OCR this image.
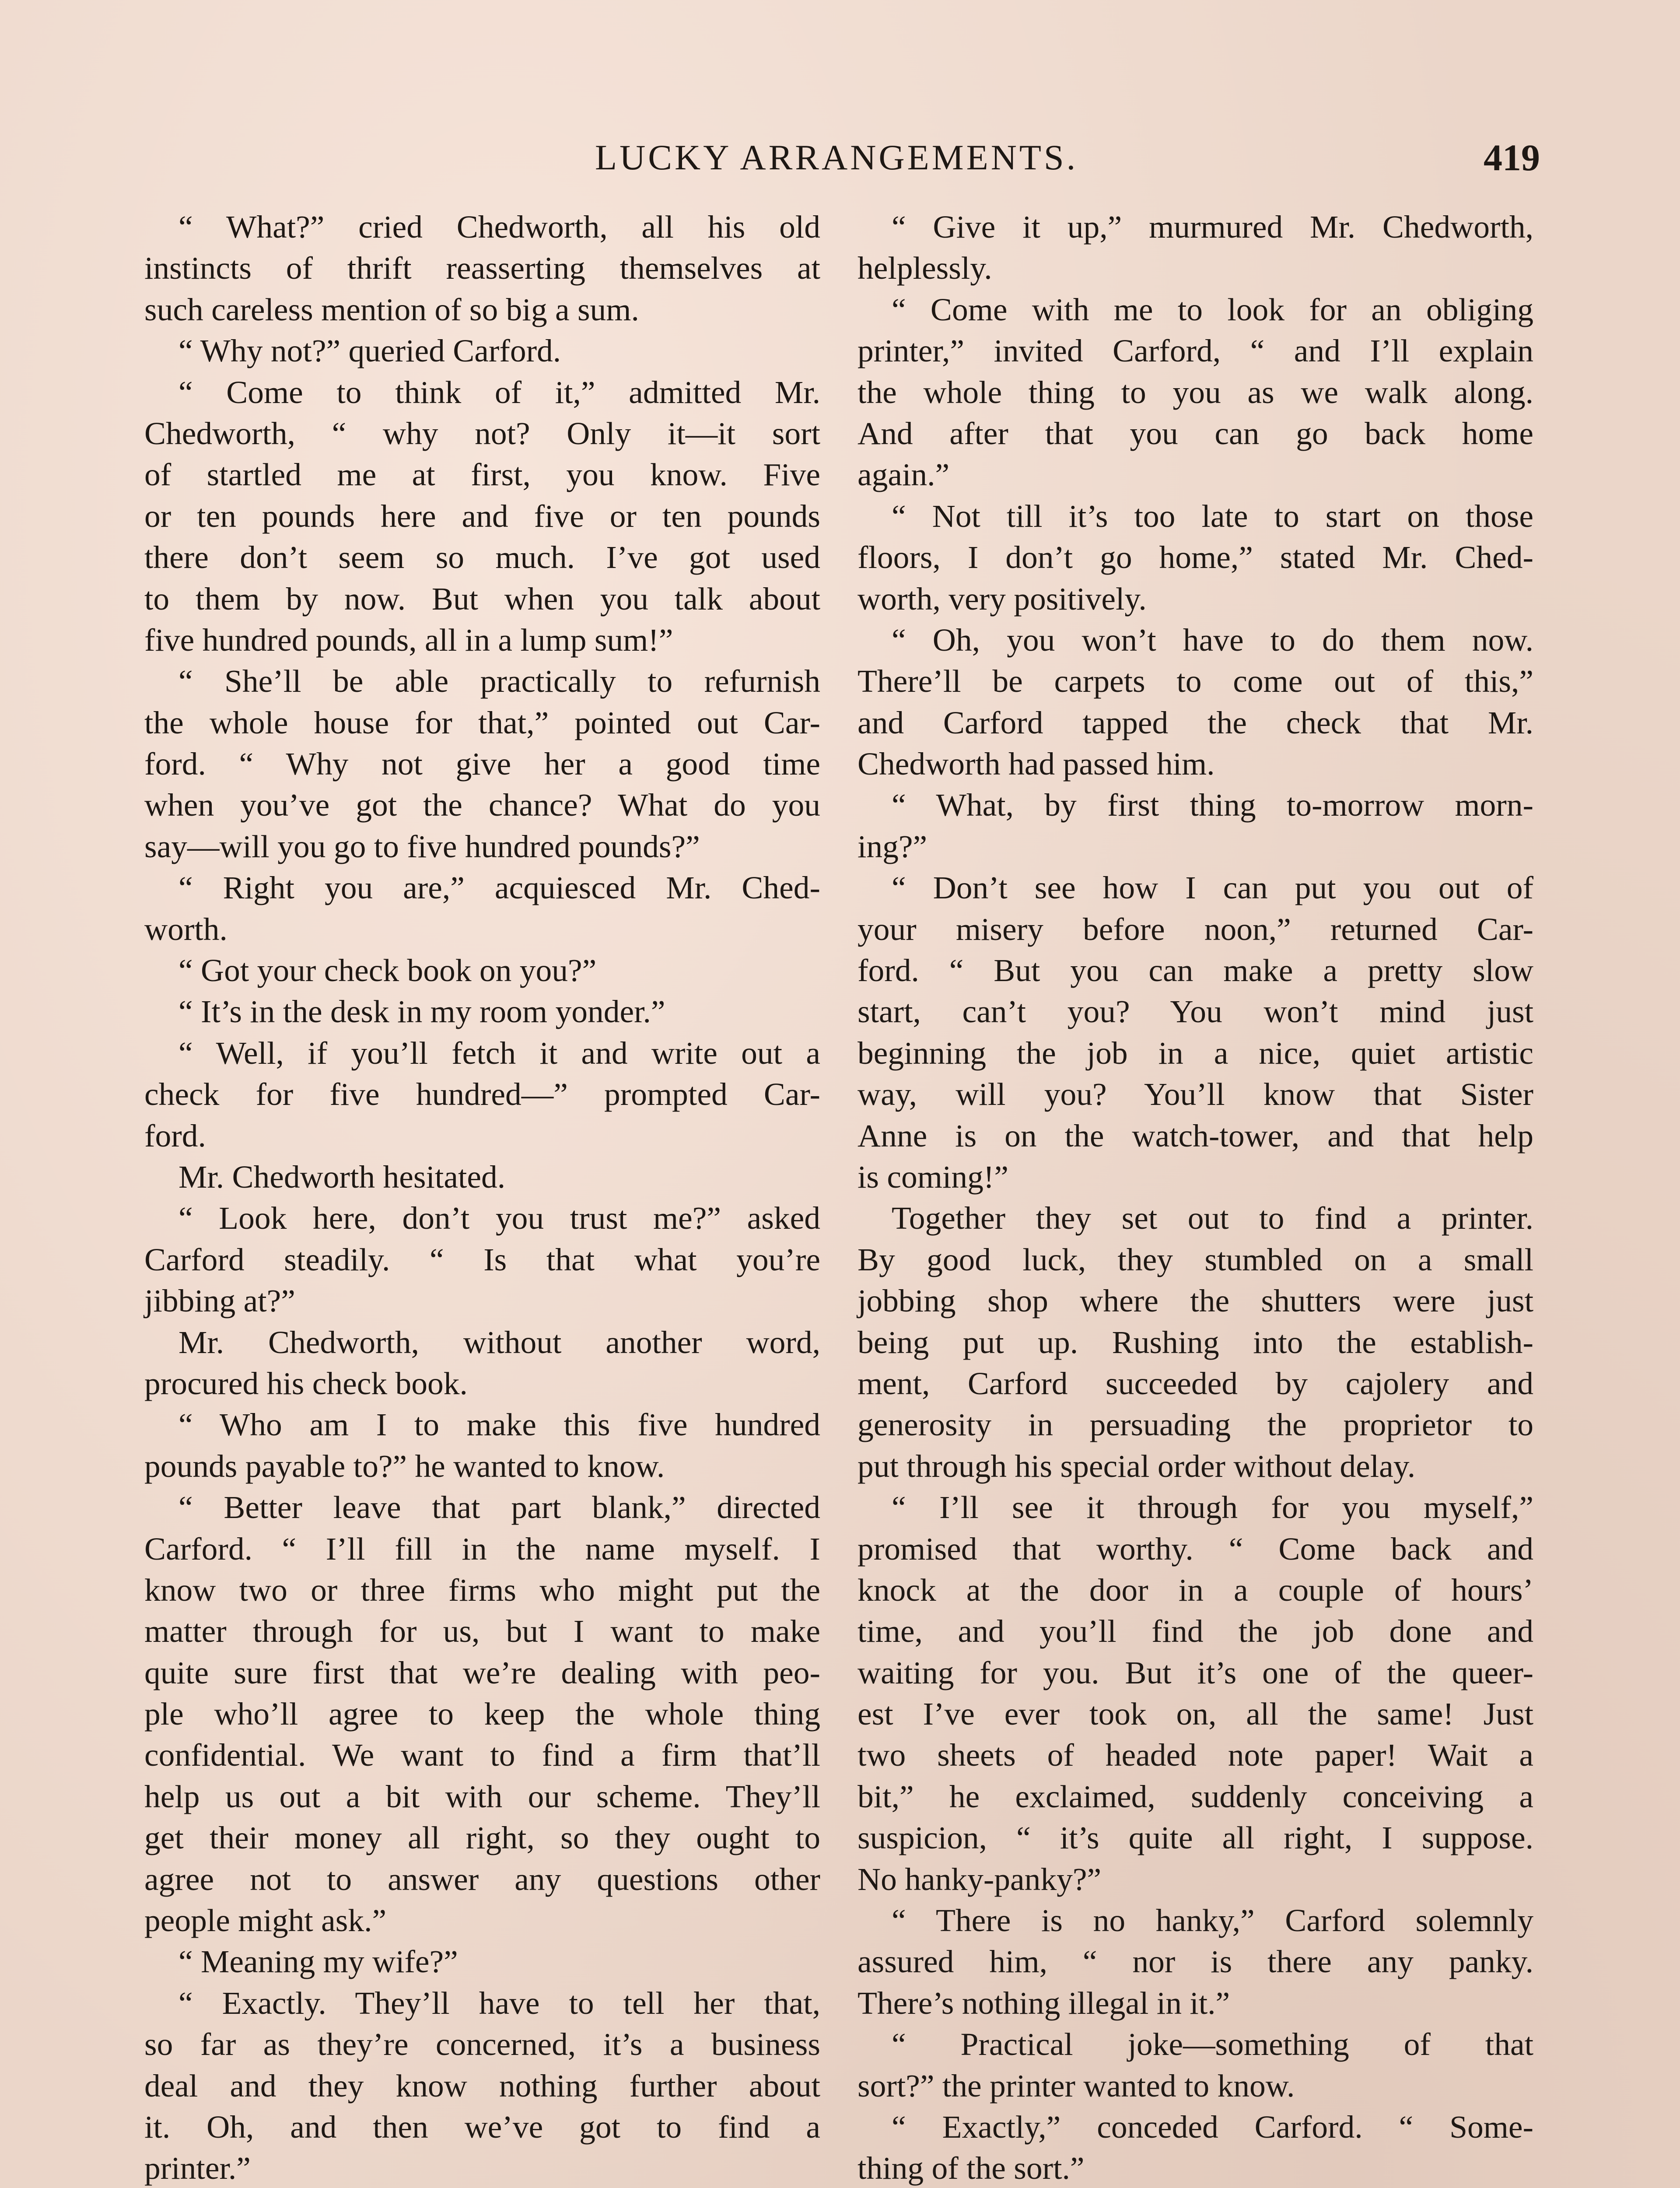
LUCKY ARRANGEMENTS.	419
“ What?” cried Chedworth, all his old
instincts of thrift reasserting themselves at
such careless mention of so big a sum.
“ Why not?” queried Carford.
“ Come to think of it,” admitted Mr.
Chedworth, “ why not? Only it—it sort
of startled me at first, you know. Five
or ten pounds here and five or ten pounds
there don’t seem so much. I’ve got used
to them by now. But when you talk about
five hundred pounds, all in a lump sum!”
“ She’ll be able practically to refurnish
the whole house for that,” pointed out Car-
ford. “ Why not give her a good time
when you’ve got the chance? What do you
say—will you go to five hundred pounds?”
“ Right you are,” acquiesced Mr. Ched-
worth.
“ Got your check book on you?”
“ It’s in the desk in my room yonder.”
“ Well, if you’ll fetch it and write out a
check for five hundred—” prompted Car-
ford.
Mr. Chedworth hesitated.
“ Look here, don’t you trust me?” asked
Carford steadily. “ Is that what you’re
jibbing at?”
Mr. Chedworth, without another word,
procured his check book.
“ Who am I to make this five hundred
pounds payable to?” he wanted to know.
“ Better leave that part blank,” directed
Carford. “ I’ll fill in the name myself. I
know two or three firms who might put the
matter through for us, but I want to make
quite sure first that we’re dealing with peo-
ple who’ll agree to keep the whole thing
confidential. We want to find a firm that’ll
help us out a bit with our scheme. They’ll
get their money all right, so they ought to
agree not to answer any questions other
people might ask.”
“ Meaning my wife?”
“ Exactly. They’ll have to tell her that,
so far as they’re concerned, it’s a business
deal and they know nothing further about
it. Oh, and then we’ve got to find a
printer.”
“ Give it up,” murmured Mr. Chedworth,
helplessly.
“ Come with me to look for an obliging
printer,” invited Carford, “ and I’ll explain
the whole thing to you as we walk along.
And after that you can go back home
again.”
“ Not till it’s too late to start on those
floors, I don’t go home,” stated Mr. Ched-
worth, very positively.
“ Oh, you won’t have to do them now.
There’ll be carpets to come out of this,”
and Carford tapped the check that Mr.
Chedworth had passed him.
“ What, by first thing to-morrow morn-
ing?”
“ Don’t see how I can put you out of
your misery before noon,” returned Car-
ford. “ But you can make a pretty slow
start, can’t you? You won’t mind just
beginning the job in a nice, quiet artistic
way, will you? You’ll know that Sister
Anne is on the watch-tower, and that help
is coming!”
Together they set out to find a printer.
By good luck, they stumbled on a small
jobbing shop where the shutters were just
being put up. Rushing into the establish-
ment, Carford succeeded by cajolery and
generosity in persuading the proprietor to
put through his special order without delay.
“ I’ll see it through for you myself,”
promised that worthy. “ Come back and
knock at the door in a couple of hours’
time, and you’ll find the job done and
waiting for you. But it’s one of the queer-
est I’ve ever took on, all the same! Just
two sheets of headed note paper! Wait a
bit,” he exclaimed, suddenly conceiving a
suspicion, “ it’s quite all right, I suppose.
No hanky-panky?”
“ There is no hanky,” Carford solemnly
assured him, “ nor is there any panky.
There’s nothing illegal in it.”
“ Practical joke—something of that
sort?” the printer wanted to know.
“ Exactly,” conceded Carford. “ Some-
thing of the sort.”
